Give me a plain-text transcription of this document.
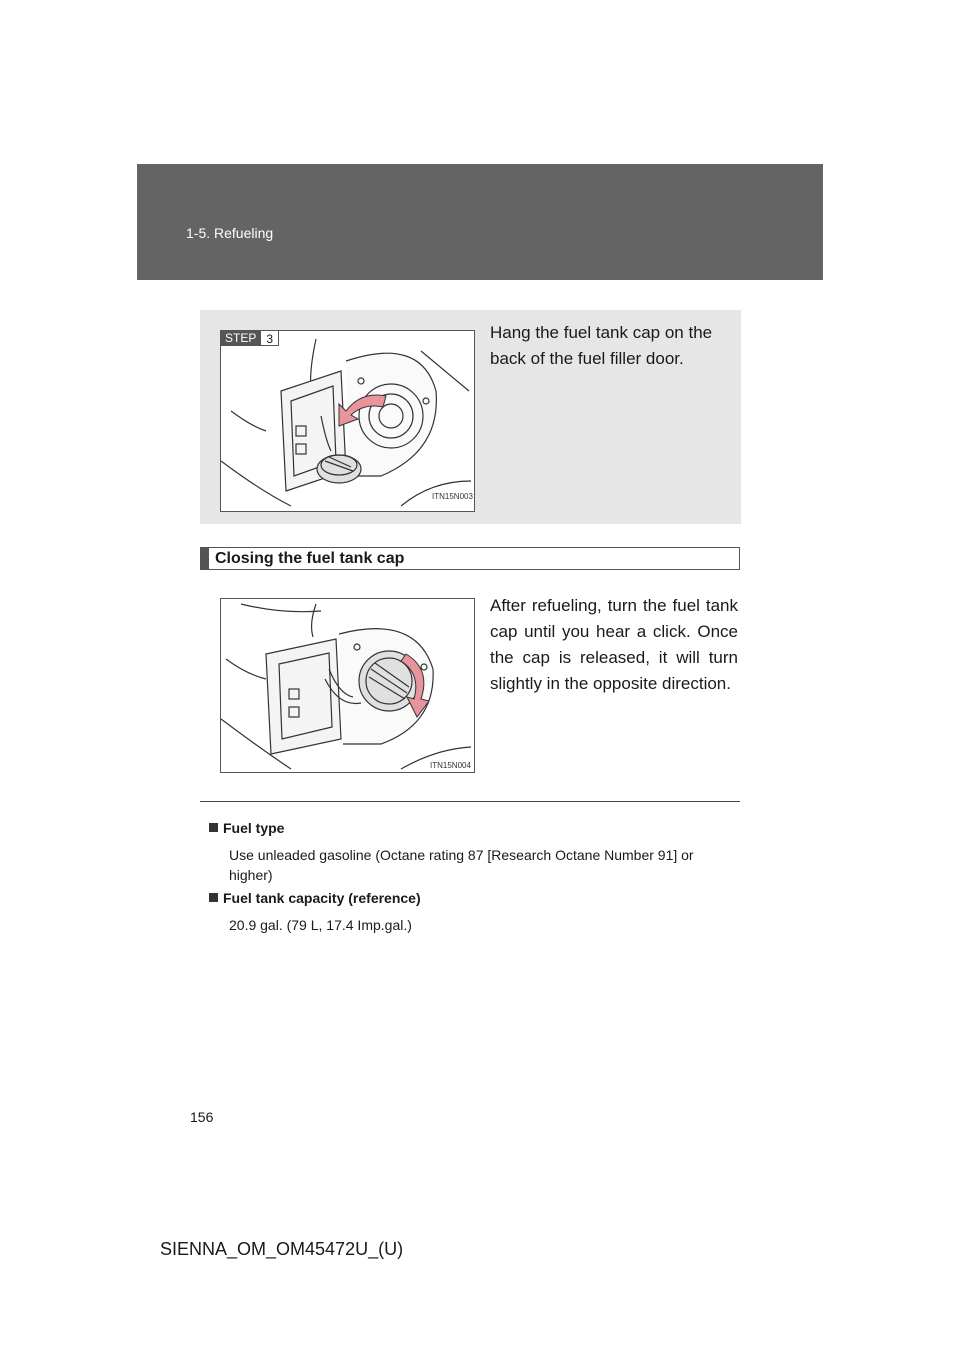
1-5. Refueling
STEP 3	Hang the fuel tank cap on the back of the fuel filler door.
ITN15N003
Closing the fuel tank cap
ITN15N004
After refueling, turn the fuel tank cap until you hear a click. Once the cap is released, it will turn slightly in the opposite direction.
Fuel type
Use unleaded gasoline (Octane rating 87 [Research Octane Number 91] or higher)
Fuel tank capacity (reference)
20.9 gal. (79 L, 17.4 Imp.gal.)
156
SIENNA_OM_OM45472U_(U)
